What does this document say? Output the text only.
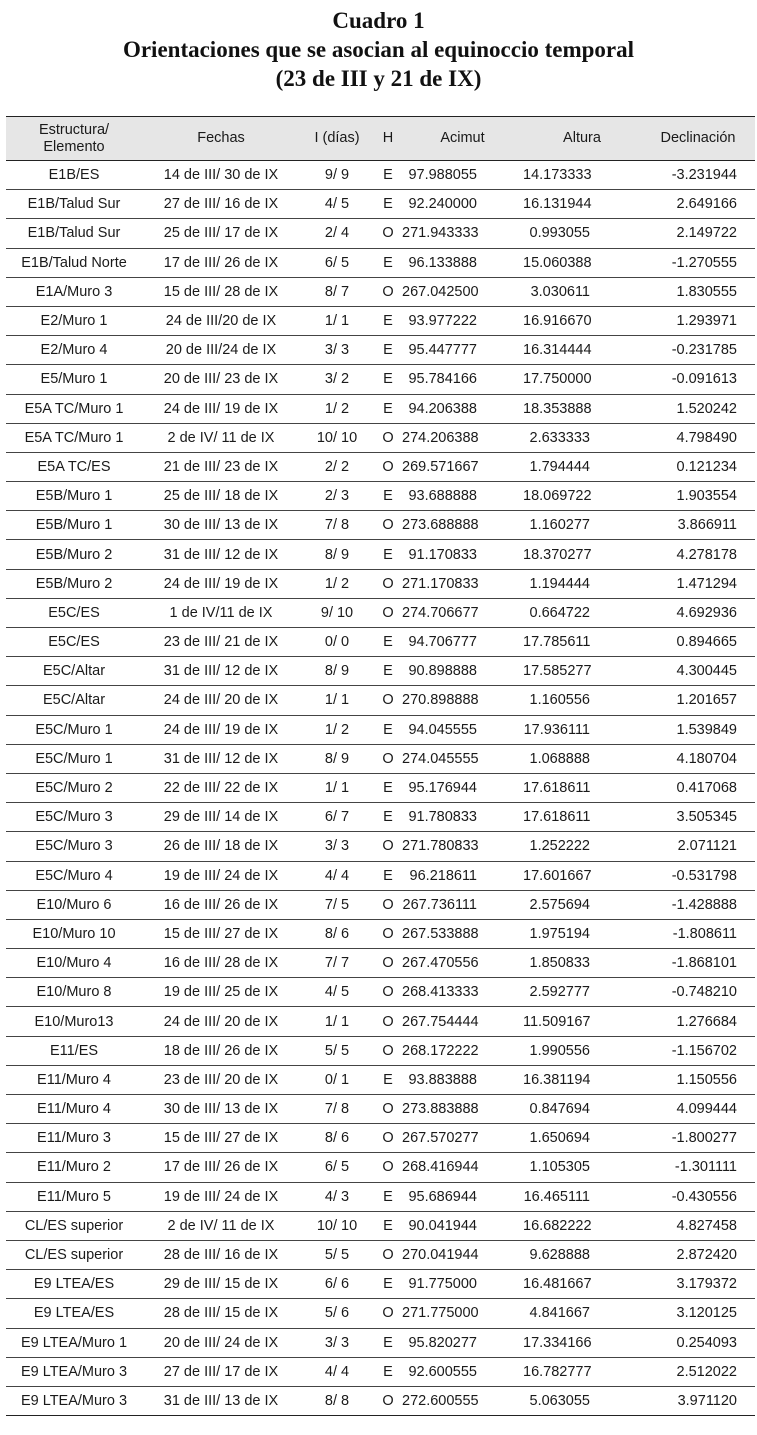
Cuadro 1
Orientaciones que se asocian al equinoccio temporal
(23 de III y 21 de IX)
Estructura/ Elemento	Fechas	I (días)	H	Acimut	Altura	Declinación
E1B/ES	14 de III/ 30 de IX	9/ 9	E	97.988055	14.173333	-3.231944
E1B/Talud Sur	27 de III/ 16 de IX	4/ 5	E	92.240000	16.131944	2.649166
E1B/Talud Sur	25 de III/ 17 de IX	2/ 4	O	271.943333	0.993055	2.149722
E1B/Talud Norte	17 de III/ 26 de IX	6/ 5	E	96.133888	15.060388	-1.270555
E1A/Muro 3	15 de III/ 28 de IX	8/ 7	O	267.042500	3.030611	1.830555
E2/Muro 1	24 de III/20 de IX	1/ 1	E	93.977222	16.916670	1.293971
E2/Muro 4	20 de III/24 de IX	3/ 3	E	95.447777	16.314444	-0.231785
E5/Muro 1	20 de III/ 23 de IX	3/ 2	E	95.784166	17.750000	-0.091613
E5A TC/Muro 1	24 de III/ 19 de IX	1/ 2	E	94.206388	18.353888	1.520242
E5A TC/Muro 1	2 de IV/ 11 de IX	10/ 10	O	274.206388	2.633333	4.798490
E5A TC/ES	21 de III/ 23 de IX	2/ 2	O	269.571667	1.794444	0.121234
E5B/Muro 1	25 de III/ 18 de IX	2/ 3	E	93.688888	18.069722	1.903554
E5B/Muro 1	30 de III/ 13 de IX	7/ 8	O	273.688888	1.160277	3.866911
E5B/Muro 2	31 de III/ 12 de IX	8/ 9	E	91.170833	18.370277	4.278178
E5B/Muro 2	24 de III/ 19 de IX	1/ 2	O	271.170833	1.194444	1.471294
E5C/ES	1 de IV/11 de IX	9/ 10	O	274.706677	0.664722	4.692936
E5C/ES	23 de III/ 21 de IX	0/ 0	E	94.706777	17.785611	0.894665
E5C/Altar	31 de III/ 12 de IX	8/ 9	E	90.898888	17.585277	4.300445
E5C/Altar	24 de III/ 20 de IX	1/ 1	O	270.898888	1.160556	1.201657
E5C/Muro 1	24 de III/ 19 de IX	1/ 2	E	94.045555	17.936111	1.539849
E5C/Muro 1	31 de III/ 12 de IX	8/ 9	O	274.045555	1.068888	4.180704
E5C/Muro 2	22 de III/ 22 de IX	1/ 1	E	95.176944	17.618611	0.417068
E5C/Muro 3	29 de III/ 14 de IX	6/ 7	E	91.780833	17.618611	3.505345
E5C/Muro 3	26 de III/ 18 de IX	3/ 3	O	271.780833	1.252222	2.071121
E5C/Muro 4	19 de III/ 24 de IX	4/ 4	E	96.218611	17.601667	-0.531798
E10/Muro 6	16 de III/ 26 de IX	7/ 5	O	267.736111	2.575694	-1.428888
E10/Muro 10	15 de III/ 27 de IX	8/ 6	O	267.533888	1.975194	-1.808611
E10/Muro 4	16 de III/ 28 de IX	7/ 7	O	267.470556	1.850833	-1.868101
E10/Muro 8	19 de III/ 25 de IX	4/ 5	O	268.413333	2.592777	-0.748210
E10/Muro13	24 de III/ 20 de IX	1/ 1	O	267.754444	11.509167	1.276684
E11/ES	18 de III/ 26 de IX	5/ 5	O	268.172222	1.990556	-1.156702
E11/Muro 4	23 de III/ 20 de IX	0/ 1	E	93.883888	16.381194	1.150556
E11/Muro 4	30 de III/ 13 de IX	7/ 8	O	273.883888	0.847694	4.099444
E11/Muro 3	15 de III/ 27 de IX	8/ 6	O	267.570277	1.650694	-1.800277
E11/Muro 2	17 de III/ 26 de IX	6/ 5	O	268.416944	1.105305	-1.301111
E11/Muro 5	19 de III/ 24 de IX	4/ 3	E	95.686944	16.465111	-0.430556
CL/ES superior	2 de IV/ 11 de IX	10/ 10	E	90.041944	16.682222	4.827458
CL/ES superior	28 de III/ 16 de IX	5/ 5	O	270.041944	9.628888	2.872420
E9 LTEA/ES	29 de III/ 15 de IX	6/ 6	E	91.775000	16.481667	3.179372
E9 LTEA/ES	28 de III/ 15 de IX	5/ 6	O	271.775000	4.841667	3.120125
E9 LTEA/Muro 1	20 de III/ 24 de IX	3/ 3	E	95.820277	17.334166	0.254093
E9 LTEA/Muro 3	27 de III/ 17 de IX	4/ 4	E	92.600555	16.782777	2.512022
E9 LTEA/Muro 3	31 de III/ 13 de IX	8/ 8	O	272.600555	5.063055	3.971120
